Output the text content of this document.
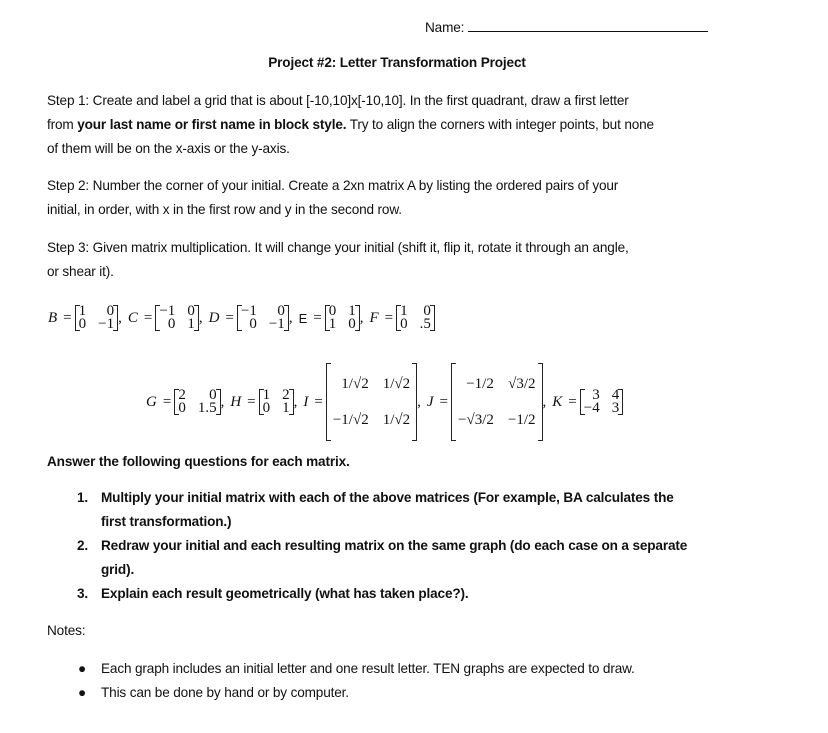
Name:
Project #2: Letter Transformation Project
Step 1: Create and label a grid that is about [-10,10]x[-10,10]. In the first quadrant, draw a first letter
from your last name or first name in block style. Try to align the corners with integer points, but none
of them will be on the x-axis or the y-axis.
Step 2: Number the corner of your initial. Create a 2xn matrix A by listing the ordered pairs of your
initial, in order, with x in the first row and y in the second row.
Step 3: Given matrix multiplication. It will change your initial (shift it, flip it, rotate it through an angle,
or shear it).
B = 1	0
0 −1 , C = −1 0
0 1 , D = −1	0
0 −1 , E = 0 1
1 0 , F = 1 0
0 .5
G = 2	0
0 1.5 , H = 1 2
0 1 , I =
1/√2 1/√2
−1/√2 1/√2
, J =
−1/2 √3/2
−√3/2 −1/2
, K =	3 4
−4 3
Answer the following questions for each matrix.
1. Multiply your initial matrix with each of the above matrices (For example, BA calculates the
first transformation.)
2. Redraw your initial and each resulting matrix on the same graph (do each case on a separate
grid).
3. Explain each result geometrically (what has taken place?).
Notes:
● Each graph includes an initial letter and one result letter. TEN graphs are expected to draw.
● This can be done by hand or by computer.
